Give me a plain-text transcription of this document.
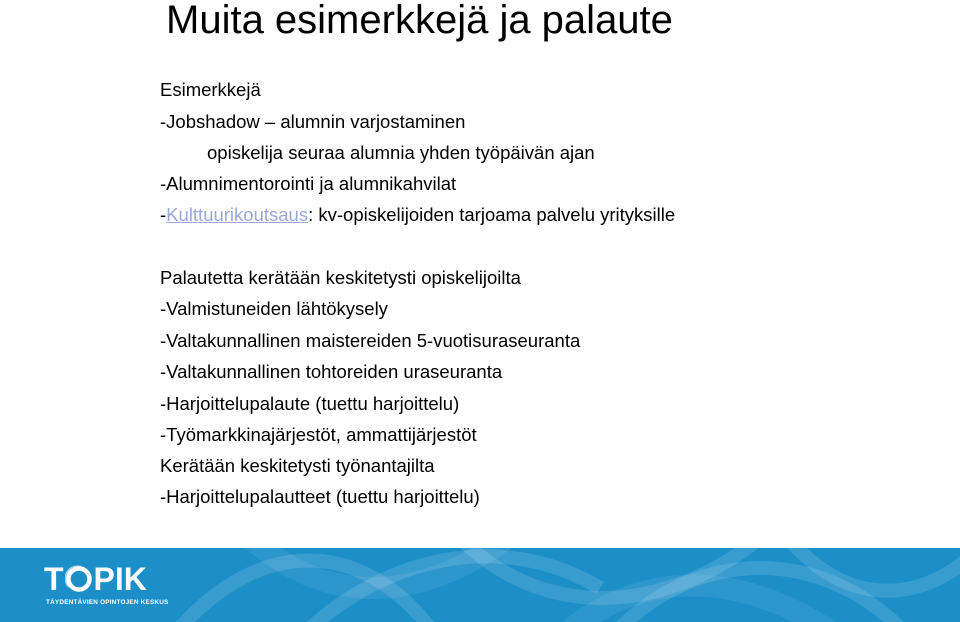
Muita esimerkkejä ja palaute
Esimerkkejä
-Jobshadow – alumnin varjostaminen
opiskelija seuraa alumnia yhden työpäivän ajan
-Alumnimentorointi ja alumnikahvilat
-Kulttuurikoutsaus: kv-opiskelijoiden tarjoama palvelu yrityksille
Palautetta kerätään keskitetysti opiskelijoilta
-Valmistuneiden lähtökysely
-Valtakunnallinen maistereiden 5-vuotisuraseuranta
-Valtakunnallinen tohtoreiden uraseuranta
-Harjoittelupalaute (tuettu harjoittelu)
-Työmarkkinajärjestöt, ammattijärjestöt
Kerätään keskitetysti työnantajilta
-Harjoittelupalautteet (tuettu harjoittelu)
T PIK
TÄYDENTÄVIEN OPINTOJEN KESKUS
